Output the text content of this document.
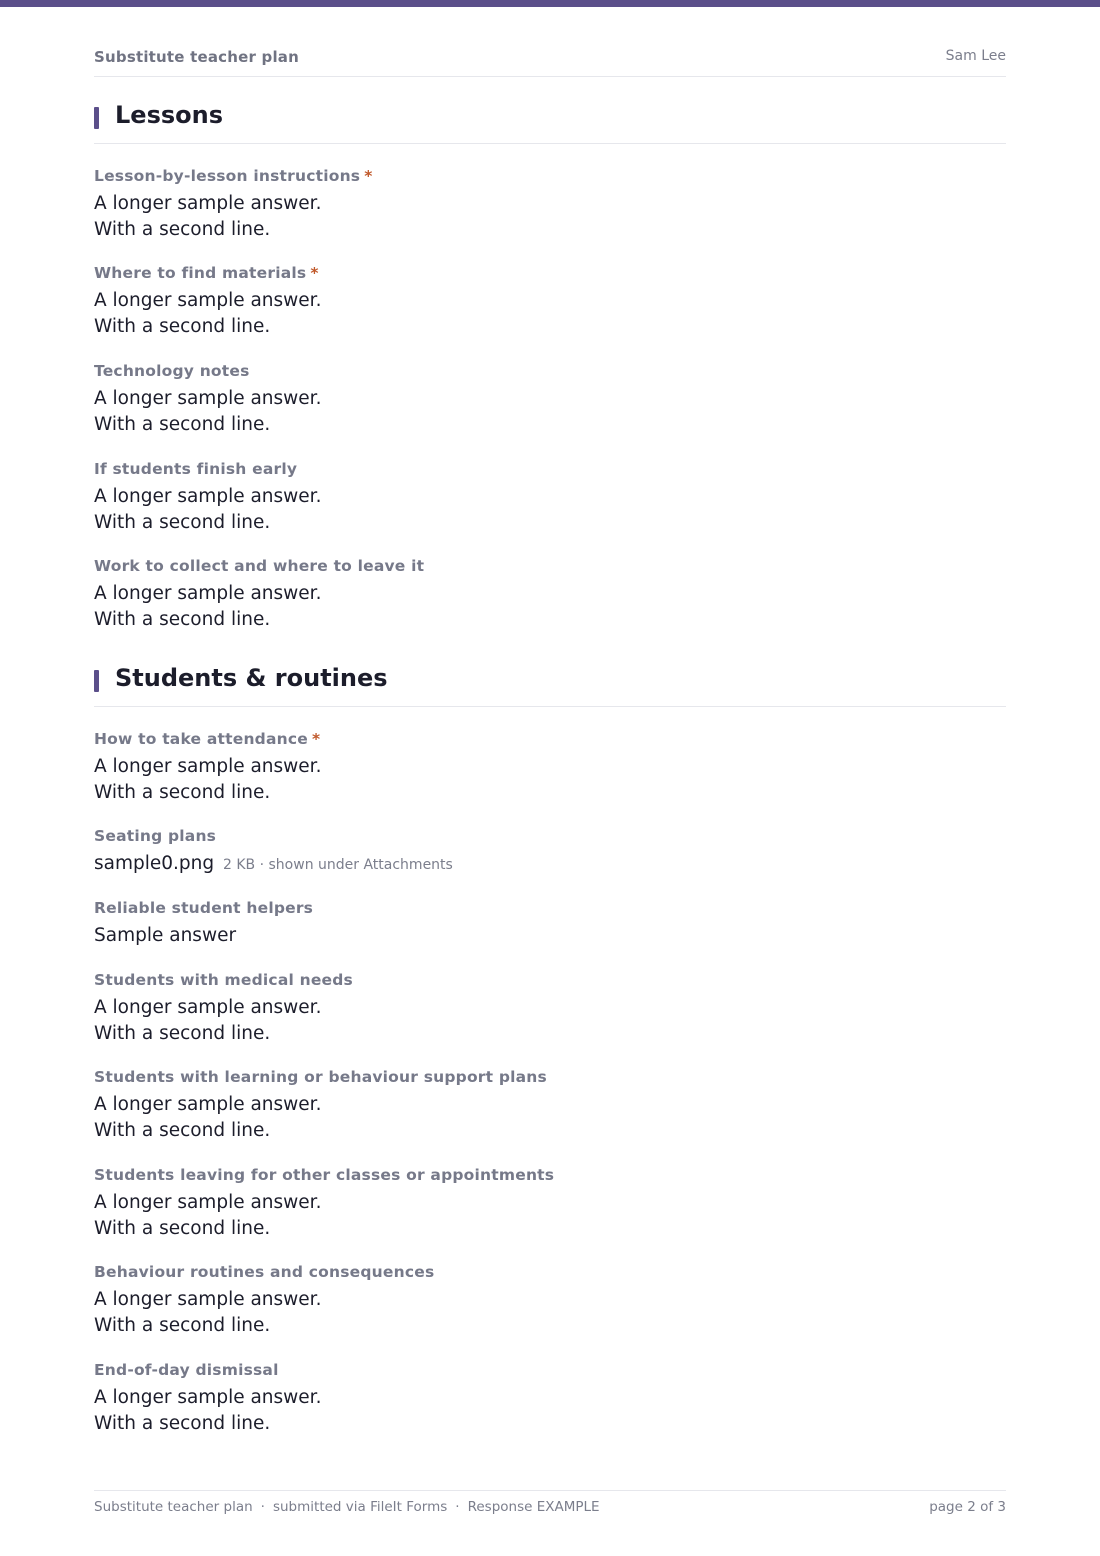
Substitute teacher plan	Sam Lee
Lessons
Lesson-by-lesson instructions *
A longer sample answer.
With a second line.
Where to find materials *
A longer sample answer.
With a second line.
Technology notes
A longer sample answer.
With a second line.
If students finish early
A longer sample answer.
With a second line.
Work to collect and where to leave it
A longer sample answer.
With a second line.
Students & routines
How to take attendance *
A longer sample answer.
With a second line.
Seating plans
sample0.png 2 KB · shown under Attachments
Reliable student helpers
Sample answer
Students with medical needs
A longer sample answer.
With a second line.
Students with learning or behaviour support plans
A longer sample answer.
With a second line.
Students leaving for other classes or appointments
A longer sample answer.
With a second line.
Behaviour routines and consequences
A longer sample answer.
With a second line.
End-of-day dismissal
A longer sample answer.
With a second line.
Substitute teacher plan · submitted via FileIt Forms · Response EXAMPLE	page 2 of 3
